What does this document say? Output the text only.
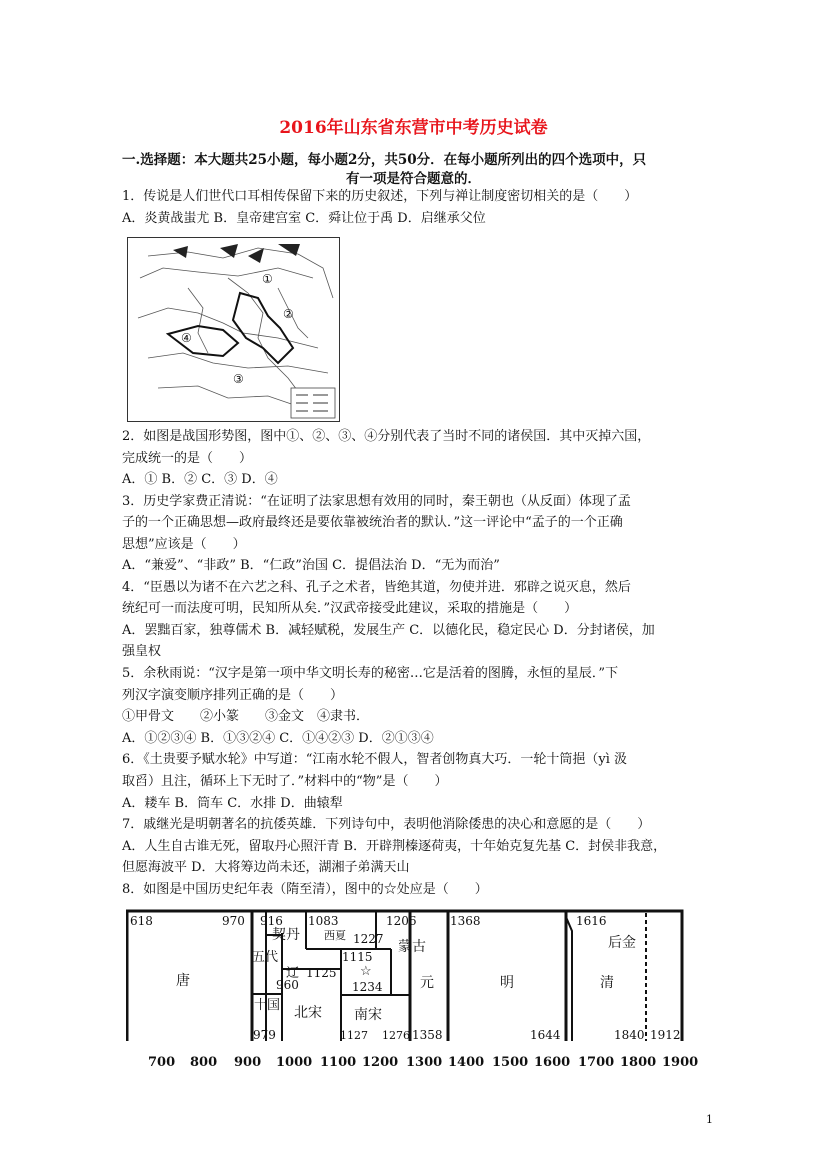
2016年山东省东营市中考历史试卷
一.选择题：本大题共25小题，每小题2分，共50分．在每小题所列出的四个选项中，只
有一项是符合题意的．
1．传说是人们世代口耳相传保留下来的历史叙述，下列与禅让制度密切相关的是（　　）
A．炎黄战蚩尤 B．皇帝建宫室 C．舜让位于禹 D．启继承父位
①
②
③
④
2．如图是战国形势图，图中①、②、③、④分别代表了当时不同的诸侯国．其中灭掉六国，
完成统一的是（　　）
A．① B．② C．③ D．④
3．历史学家费正清说：“在证明了法家思想有效用的同时，秦王朝也（从反面）体现了孟
子的一个正确思想—政府最终还是要依靠被统治者的默认．”这一评论中“孟子的一个正确
思想”应该是（　　）
A．“兼爱”、“非政” B．“仁政”治国 C．提倡法治 D．“无为而治”
4．“臣愚以为诸不在六艺之科、孔子之术者，皆绝其道，勿使并进．邪辟之说灭息，然后
统纪可一而法度可明，民知所从矣．”汉武帝接受此建议，采取的措施是（　　）
A．罢黜百家，独尊儒术 B．减轻赋税，发展生产 C．以德化民，稳定民心 D．分封诸侯，加
强皇权
5．余秋雨说：“汉字是第一项中华文明长寿的秘密…它是活着的图腾，永恒的星辰．”下
列汉字演变顺序排列正确的是（　　）
①甲骨文　　②小篆　　③金文　④隶书．
A．①②③④ B．①③②④ C．①④②③ D．②①③④
6．《土贵要予赋水轮》中写道：“江南水轮不假人，智者创物真大巧．一轮十筒挹（yì 汲
取舀）且注，循环上下无时了．”材料中的“物”是（　　）
A．耧车 B．筒车 C．水排 D．曲辕犁
7．戚继光是明朝著名的抗倭英雄．下列诗句中，表明他消除倭患的决心和意愿的是（　　）
A．人生自古谁无死，留取丹心照汗青 B．开辟荆榛逐荷夷，十年始克复先基 C．封侯非我意，
但愿海波平 D．大将筹边尚未还，湖湘子弟满天山
8．如图是中国历史纪年表（隋至清），图中的☆处应是（　　）
618	970 916 1083	1206	1368	1616
唐
契丹 西夏
蒙古
元	明
后金
清
五代
十国
辽
北宋 南宋
1227
1115
1125
960	1234
979	1127 1276 1358	1644	1840 1912
☆
700 800 900 1000 1100 1200 1300 1400 1500 1600 1700 1800 1900
1
